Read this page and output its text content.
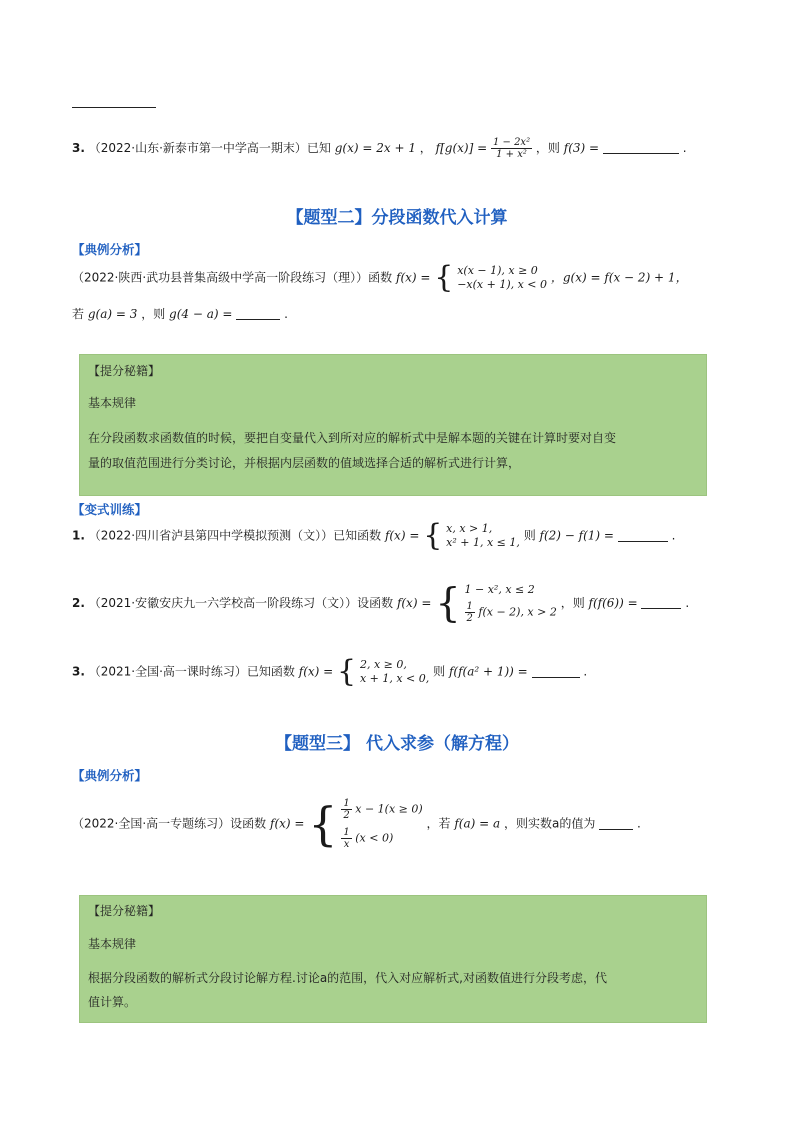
3. （2022·山东·新泰市第一中学高一期末）已知 g(x) = 2x + 1 ， $f[g(x)] = \frac{\text{1 − 2x²}}{\text{1 + x²}}$ ，则 f(3) =	.
【题型二】分段函数代入计算
【典例分析】
（2022·陕西·武功县普集高级中学高一阶段练习（理））函数 f(x) = { x(x − 1), x ≥ 0
−x(x + 1), x < 0 ，g(x) = f(x − 2) + 1，
若 g(a) = 3 ，则 g(4 − a) =	.
【提分秘籍】
基本规律
在分段函数求函数值的时候，要把自变量代入到所对应的解析式中是解本题的关键在计算时要对自变
量的取值范围进行分类讨论，并根据内层函数的值域选择合适的解析式进行计算，
【变式训练】
1. （2022·四川省泸县第四中学模拟预测（文））已知函数 f(x) = { x, x > 1,
x² + 1, x ≤ 1, 则 f(2) − f(1) =	.
2. （2021·安徽安庆九一六学校高一阶段练习（文））设函数 f(x) = { 1 − x², x ≤ 2
$\frac{1}{2} f(x - 2)$, x > 2
，则 f(f(6)) =	.
3. （2021·全国·高一课时练习）已知函数 f(x) = { 2, x ≥ 0,
x + 1, x < 0, 则 f(f(a² + 1)) =	.
【题型三】 代入求参（解方程）
【典例分析】
（2022·全国·高一专题练习）设函数 f(x) = { $\frac{1}{2}$ x − 1(x ≥ 0)
$\frac{1}{x} (x < 0)$
，若 f(a) = a ，则实数a的值为	.
【提分秘籍】
基本规律
根据分段函数的解析式分段讨论解方程.讨论a的范围，代入对应解析式,对函数值进行分段考虑，代
值计算。
